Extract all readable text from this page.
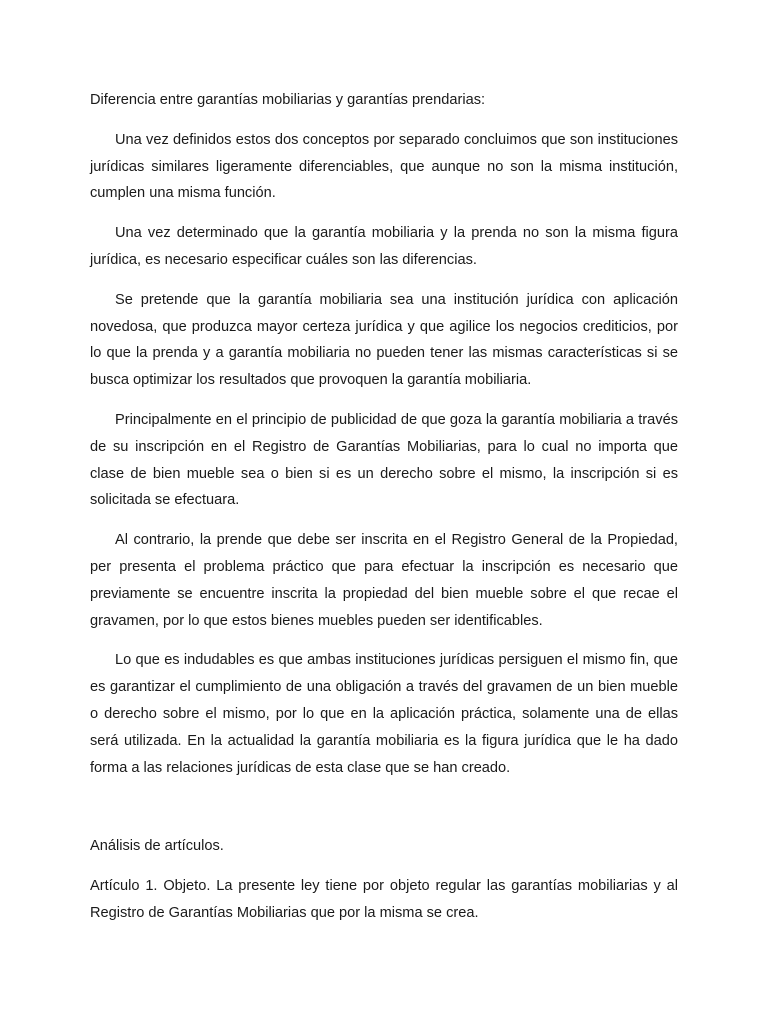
Diferencia entre garantías mobiliarias y garantías prendarias:

Una vez definidos estos dos conceptos por separado concluimos que son instituciones jurídicas similares ligeramente diferenciables, que aunque no son la misma institución, cumplen una misma función.

Una vez determinado que la garantía mobiliaria y la prenda no son la misma figura jurídica, es necesario especificar cuáles son las diferencias.

Se pretende que la garantía mobiliaria sea una institución jurídica con aplicación novedosa, que produzca mayor certeza jurídica y que agilice los negocios crediticios, por lo que la prenda y a garantía mobiliaria no pueden tener las mismas características si se busca optimizar los resultados que provoquen la garantía mobiliaria.

Principalmente en el principio de publicidad de que goza la garantía mobiliaria a través de su inscripción en el Registro de Garantías Mobiliarias, para lo cual no importa que clase de bien mueble sea o bien si es un derecho sobre el mismo, la inscripción si es solicitada se efectuara.

Al contrario, la prende que debe ser inscrita en el Registro General de la Propiedad, per presenta el problema práctico que para efectuar la inscripción es necesario que previamente se encuentre inscrita la propiedad del bien mueble sobre el que recae el gravamen, por lo que estos bienes muebles pueden ser identificables.

Lo que es indudables es que ambas instituciones jurídicas persiguen el mismo fin, que es garantizar el cumplimiento de una obligación a través del gravamen de un bien mueble o derecho sobre el mismo, por lo que en la aplicación práctica, solamente una de ellas será utilizada. En la actualidad la garantía mobiliaria es la figura jurídica que le ha dado forma a las relaciones jurídicas de esta clase que se han creado.

Análisis de artículos.

Artículo 1. Objeto. La presente ley tiene por objeto regular las garantías mobiliarias y al Registro de Garantías Mobiliarias que por la misma se crea.
